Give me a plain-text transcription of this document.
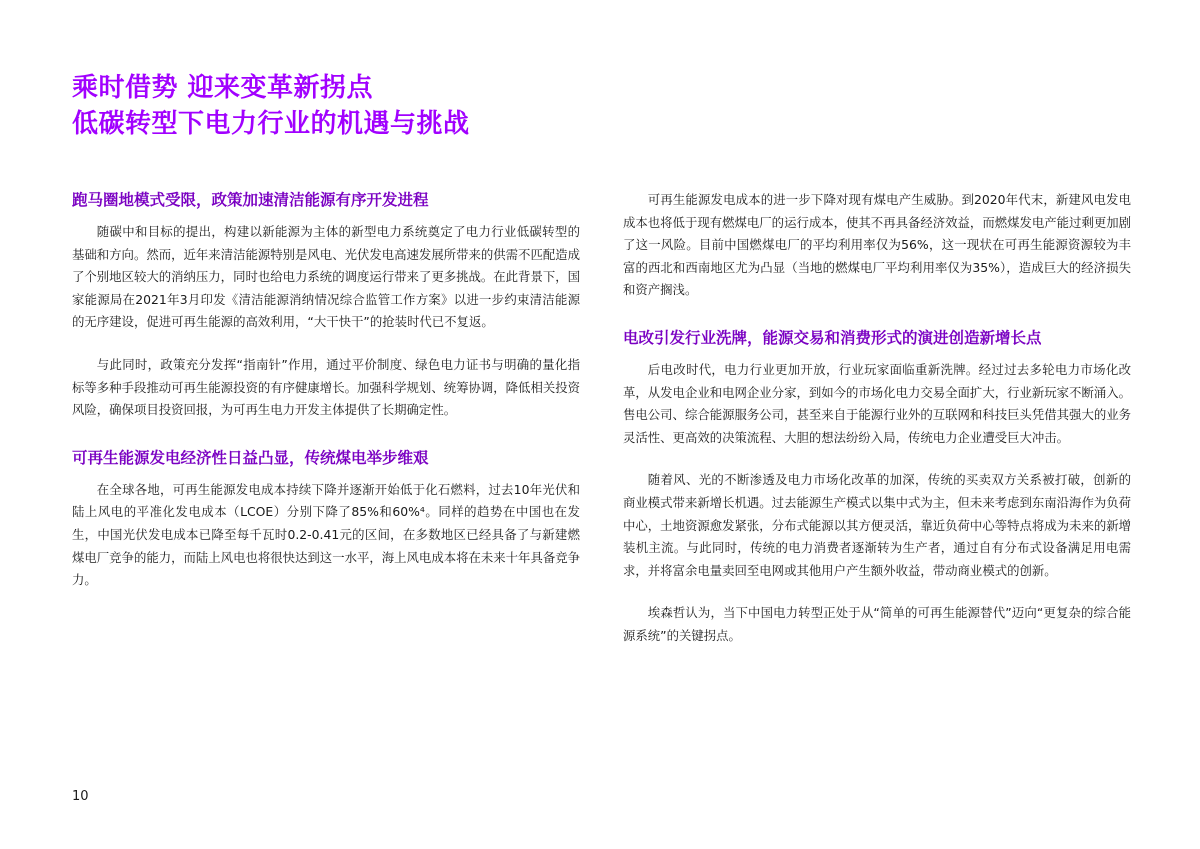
乘时借势 迎来变革新拐点
低碳转型下电力行业的机遇与挑战
跑马圈地模式受限，政策加速清洁能源有序开发进程

随碳中和目标的提出，构建以新能源为主体的新型电力系统奠定了电力行业低碳转型的基础和方向。然而，近年来清洁能源特别是风电、光伏发电高速发展所带来的供需不匹配造成了个别地区较大的消纳压力，同时也给电力系统的调度运行带来了更多挑战。在此背景下，国家能源局在2021年3月印发《清洁能源消纳情况综合监管工作方案》以进一步约束清洁能源的无序建设，促进可再生能源的高效利用，“大干快干”的抢装时代已不复返。

与此同时，政策充分发挥“指南针”作用，通过平价制度、绿色电力证书与明确的量化指标等多种手段推动可再生能源投资的有序健康增长。加强科学规划、统筹协调，降低相关投资风险，确保项目投资回报，为可再生电力开发主体提供了长期确定性。

可再生能源发电经济性日益凸显，传统煤电举步维艰

在全球各地，可再生能源发电成本持续下降并逐渐开始低于化石燃料，过去10年光伏和陆上风电的平准化发电成本（LCOE）分别下降了85%和60%⁴。同样的趋势在中国也在发生，中国光伏发电成本已降至每千瓦时0.2-0.41元的区间，在多数地区已经具备了与新建燃煤电厂竞争的能力，而陆上风电也将很快达到这一水平，海上风电成本将在未来十年具备竞争力。

可再生能源发电成本的进一步下降对现有煤电产生威胁。到2020年代末，新建风电发电成本也将低于现有燃煤电厂的运行成本，使其不再具备经济效益，而燃煤发电产能过剩更加剧了这一风险。目前中国燃煤电厂的平均利用率仅为56%，这一现状在可再生能源资源较为丰富的西北和西南地区尤为凸显（当地的燃煤电厂平均利用率仅为35%），造成巨大的经济损失和资产搁浅。

电改引发行业洗牌，能源交易和消费形式的演进创造新增长点

后电改时代，电力行业更加开放，行业玩家面临重新洗牌。经过过去多轮电力市场化改革，从发电企业和电网企业分家，到如今的市场化电力交易全面扩大，行业新玩家不断涌入。售电公司、综合能源服务公司，甚至来自于能源行业外的互联网和科技巨头凭借其强大的业务灵活性、更高效的决策流程、大胆的想法纷纷入局，传统电力企业遭受巨大冲击。

随着风、光的不断渗透及电力市场化改革的加深，传统的买卖双方关系被打破，创新的商业模式带来新增长机遇。过去能源生产模式以集中式为主，但未来考虑到东南沿海作为负荷中心，土地资源愈发紧张，分布式能源以其方便灵活，靠近负荷中心等特点将成为未来的新增装机主流。与此同时，传统的电力消费者逐渐转为生产者，通过自有分布式设备满足用电需求，并将富余电量卖回至电网或其他用户产生额外收益，带动商业模式的创新。

埃森哲认为，当下中国电力转型正处于从“简单的可再生能源替代”迈向“更复杂的综合能源系统”的关键拐点。

10
